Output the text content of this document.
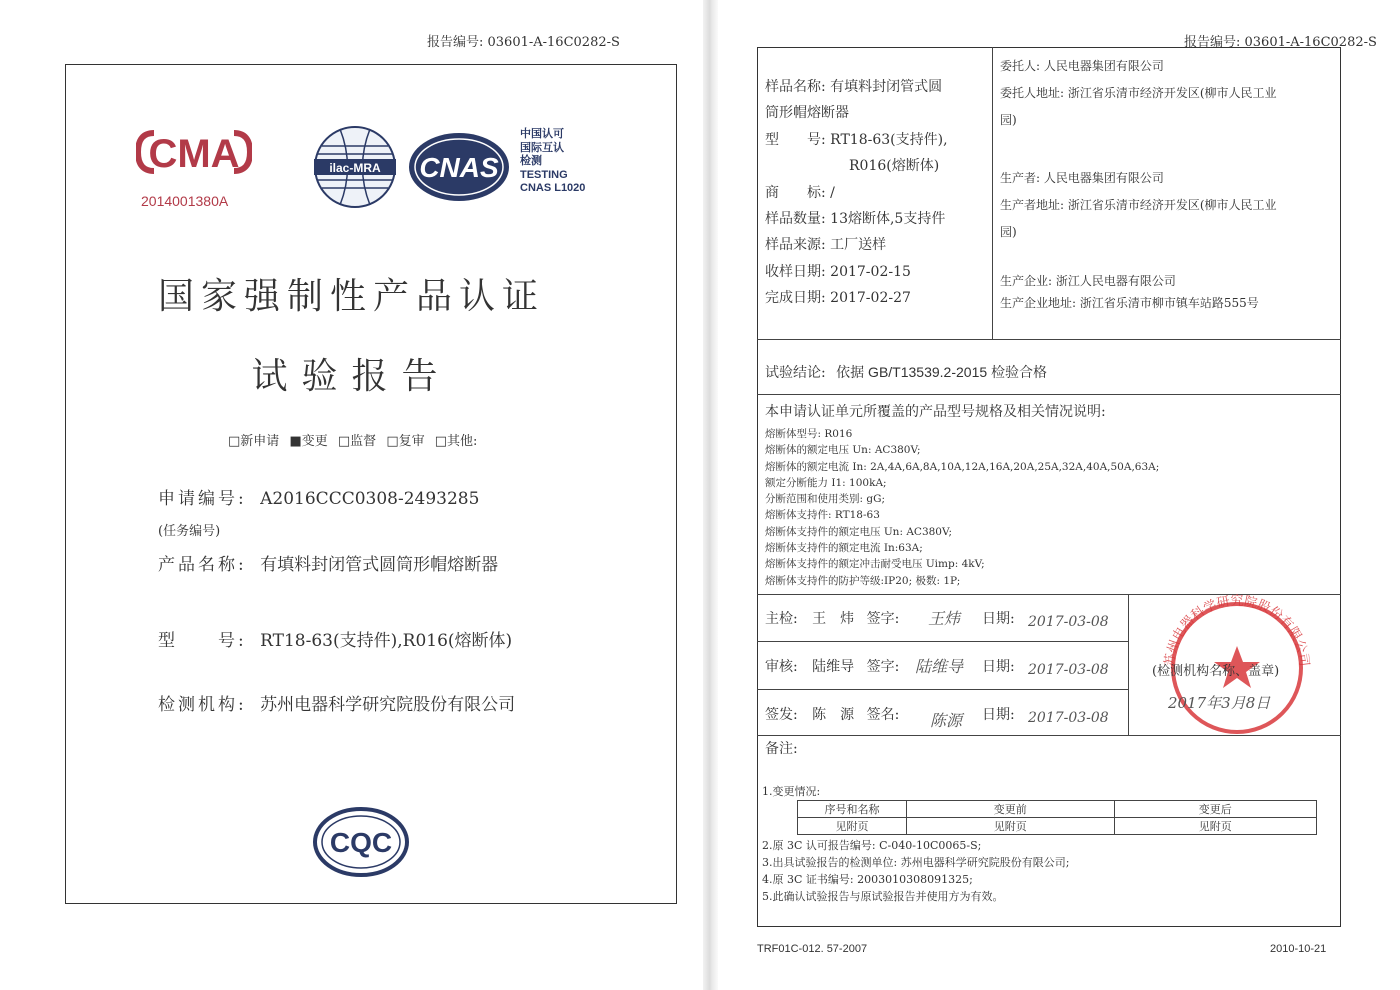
报告编号: 03601-A-16C0282-S
CMA
2014001380A
ilac-MRA CNAS
中国认可
国际互认
检测
TESTING
CNAS L1020
国家强制性产品认证
试验报告
□新申请 ■变更 □监督 □复审 □其他:
申请编号: A2016CCC0308-2493285
(任务编号)
产品名称: 有填料封闭管式圆筒形帽熔断器
型　　号: RT18-63(支持件),R016(熔断体)
检测机构: 苏州电器科学研究院股份有限公司
CQC
报告编号: 03601-A-16C0282-S
样品名称: 有填料封闭管式圆
筒形帽熔断器
型　　号: RT18-63(支持件),
R016(熔断体)
商　　标: /
样品数量: 13熔断体,5支持件
样品来源: 工厂送样
收样日期: 2017-02-15
完成日期: 2017-02-27
委托人: 人民电器集团有限公司
委托人地址: 浙江省乐清市经济开发区(柳市人民工业
园)
生产者: 人民电器集团有限公司
生产者地址: 浙江省乐清市经济开发区(柳市人民工业
园)
生产企业: 浙江人民电器有限公司
生产企业地址: 浙江省乐清市柳市镇车站路555号
试验结论: 依据 GB/T13539.2-2015 检验合格
本申请认证单元所覆盖的产品型号规格及相关情况说明:
熔断体型号: R016
熔断体的额定电压 Un: AC380V;
熔断体的额定电流 In: 2A,4A,6A,8A,10A,12A,16A,20A,25A,32A,40A,50A,63A;
额定分断能力 I1: 100kA;
分断范围和使用类别: gG;
熔断体支持件: RT18-63
熔断体支持件的额定电压 Un: AC380V;
熔断体支持件的额定电流 In:63A;
熔断体支持件的额定冲击耐受电压 Uimp: 4kV;
熔断体支持件的防护等级:IP20; 极数: 1P;
主检: 王　炜 签字: 王炜 日期: 2017-03-08
审核: 陆维导 签字: 陆维导 日期: 2017-03-08
签发: 陈　源 签名: 陈源 日期: 2017-03-08
苏州电器科学研究院股份有限公司
(检测机构名称、盖章)
2017年3月8日
备注:
1.变更情况:
序号和名称	变更前	变更后
见附页	见附页	见附页
2.原 3C 认可报告编号: C-040-10C0065-S;
3.出具试验报告的检测单位: 苏州电器科学研究院股份有限公司;
4.原 3C 证书编号: 2003010308091325;
5.此确认试验报告与原试验报告并使用方为有效。
TRF01C-012. 57-2007	2010-10-21
